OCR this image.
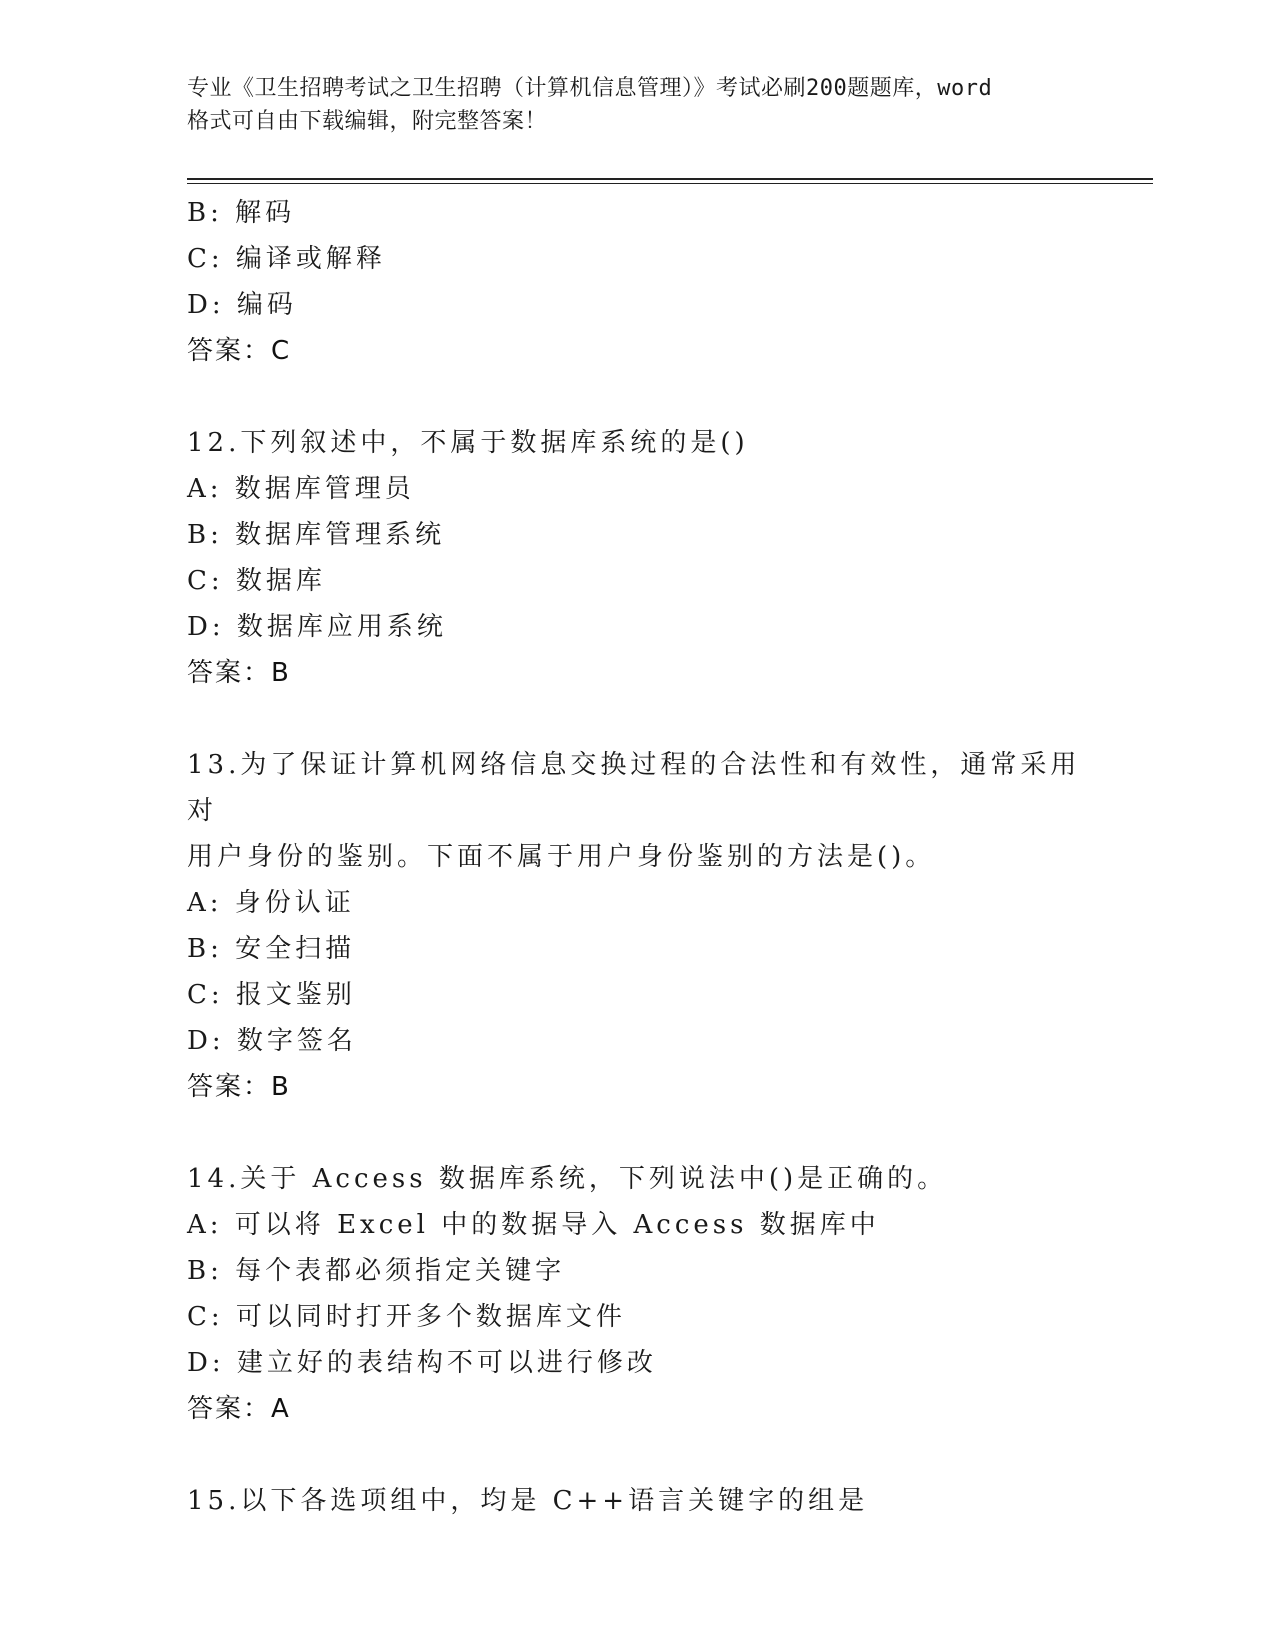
专业《卫生招聘考试之卫生招聘（计算机信息管理）》考试必刷200题题库，word
格式可自由下载编辑，附完整答案！
B: 解码
C: 编译或解释
D: 编码
答案：C
12.下列叙述中，不属于数据库系统的是()
A: 数据库管理员
B: 数据库管理系统
C: 数据库
D: 数据库应用系统
答案：B
13.为了保证计算机网络信息交换过程的合法性和有效性，通常采用对
用户身份的鉴别。下面不属于用户身份鉴别的方法是()。
A: 身份认证
B: 安全扫描
C: 报文鉴别
D: 数字签名
答案：B
14.关于 Access 数据库系统，下列说法中()是正确的。
A: 可以将 Excel 中的数据导入 Access 数据库中
B: 每个表都必须指定关键字
C: 可以同时打开多个数据库文件
D: 建立好的表结构不可以进行修改
答案：A
15.以下各选项组中，均是 C++语言关键字的组是
